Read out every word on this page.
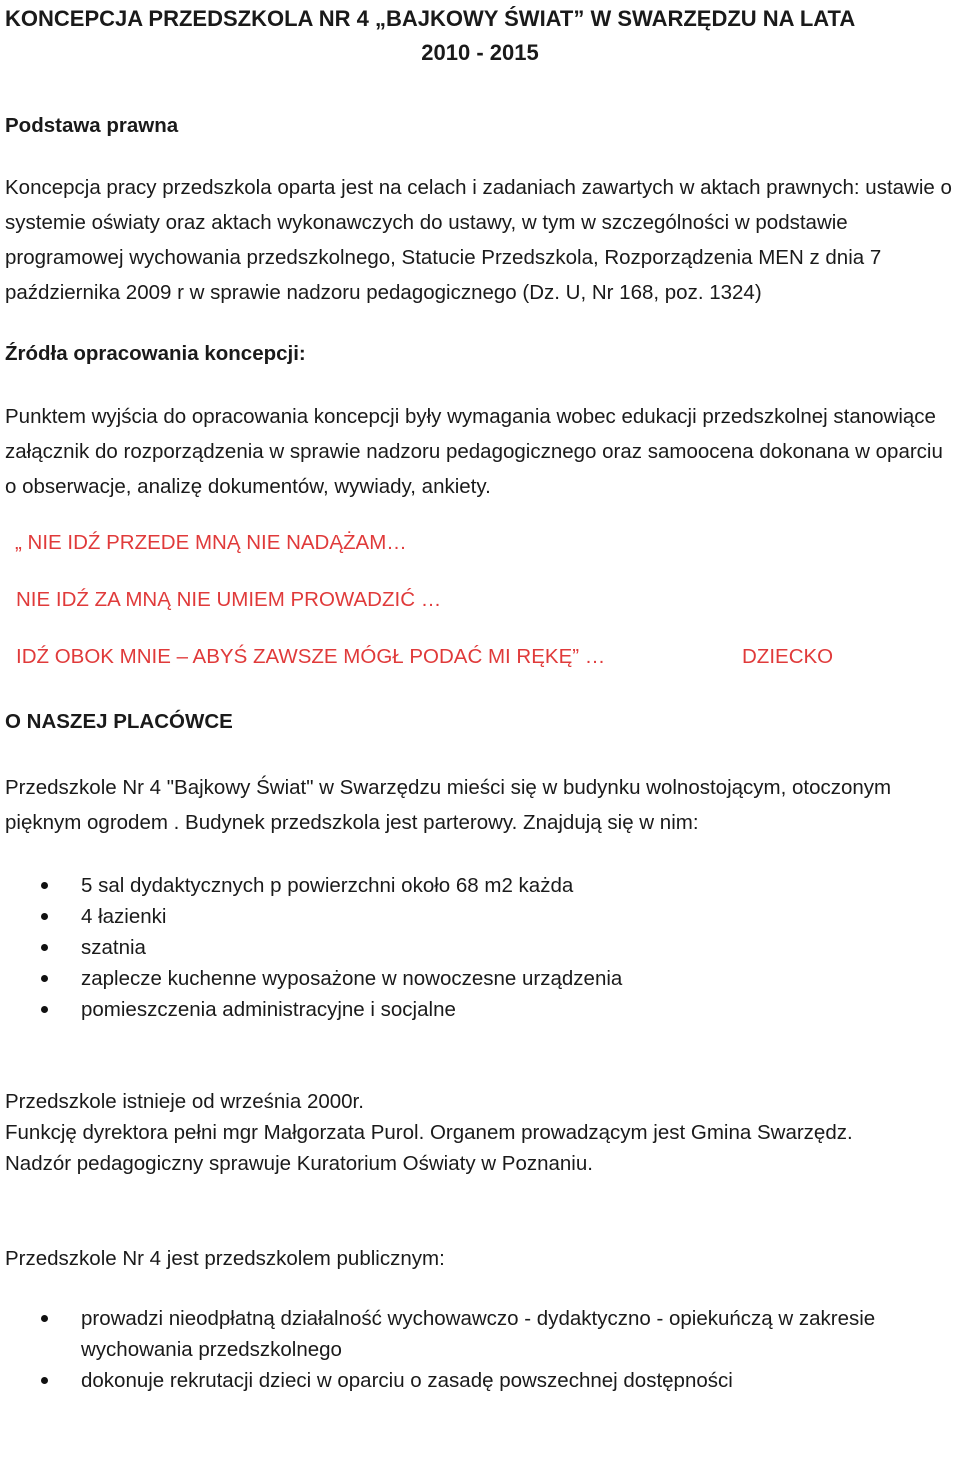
KONCEPCJA PRZEDSZKOLA NR 4 „BAJKOWY ŚWIAT” W SWARZĘDZU NA LATA
2010 - 2015
Podstawa prawna

Koncepcja pracy przedszkola oparta jest na celach i zadaniach zawartych w aktach prawnych: ustawie o systemie oświaty oraz aktach wykonawczych do ustawy, w tym w szczególności w podstawie programowej wychowania przedszkolnego, Statucie Przedszkola, Rozporządzenia MEN z dnia 7 października 2009 r w sprawie nadzoru pedagogicznego (Dz. U, Nr 168, poz. 1324)

Źródła opracowania koncepcji:

Punktem wyjścia do opracowania koncepcji były wymagania wobec edukacji przedszkolnej stanowiące załącznik do rozporządzenia w sprawie nadzoru pedagogicznego oraz samoocena dokonana w oparciu o obserwacje, analizę dokumentów, wywiady, ankiety.

„ NIE IDŹ PRZEDE MNĄ NIE NADĄŻAM…

NIE IDŹ ZA MNĄ NIE UMIEM PROWADZIĆ …

IDŹ OBOK MNIE – ABYŚ ZAWSZE MÓGŁ PODAĆ MI RĘKĘ” …	DZIECKO

O NASZEJ PLACÓWCE

Przedszkole Nr 4 "Bajkowy Świat" w Swarzędzu mieści się w budynku wolnostojącym, otoczonym pięknym ogrodem . Budynek przedszkola jest parterowy. Znajdują się w nim:

5 sal dydaktycznych p powierzchni około 68 m2 każda
4 łazienki
szatnia
zaplecze kuchenne wyposażone w nowoczesne urządzenia
pomieszczenia administracyjne i socjalne
Przedszkole istnieje od września 2000r.
Funkcję dyrektora pełni mgr Małgorzata Purol. Organem prowadzącym jest Gmina Swarzędz.
Nadzór pedagogiczny sprawuje Kuratorium Oświaty w Poznaniu.

Przedszkole Nr 4 jest przedszkolem publicznym:

prowadzi nieodpłatną działalność wychowawczo - dydaktyczno - opiekuńczą w zakresie wychowania przedszkolnego
dokonuje rekrutacji dzieci w oparciu o zasadę powszechnej dostępności
